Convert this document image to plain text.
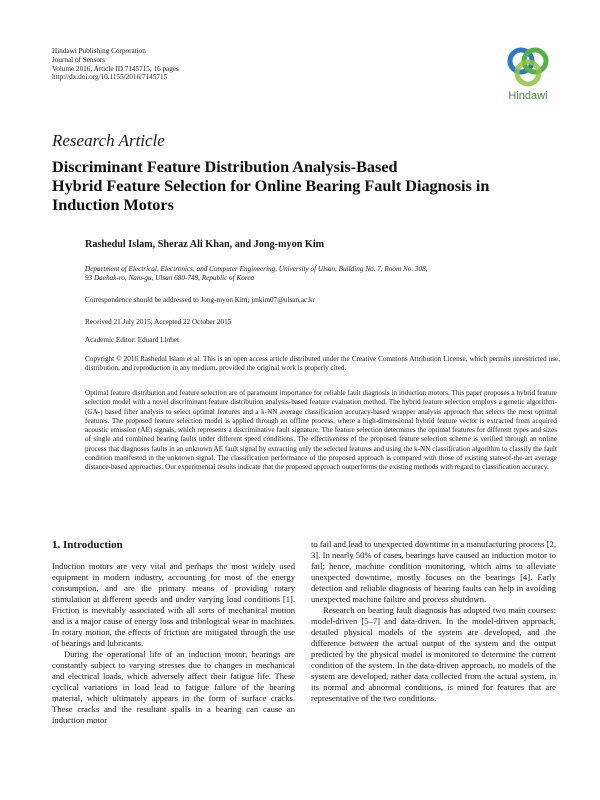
Hindawi Publishing Corporation
Journal of Sensors
Volume 2016, Article ID 7145715, 16 pages
http://dx.doi.org/10.1155/2016/7145715
Hindawi
Research Article
Discriminant Feature Distribution Analysis-Based
Hybrid Feature Selection for Online Bearing Fault Diagnosis in
Induction Motors
Rashedul Islam, Sheraz Ali Khan, and Jong-myon Kim
Department of Electrical, Electronics, and Computer Engineering, University of Ulsan, Building No. 7, Room No. 308,
93 Daehak-ro, Nam-gu, Ulsan 680-749, Republic of Korea
Correspondence should be addressed to Jong-myon Kim; jmkim07@ulsan.ac.kr
Received 21 July 2015; Accepted 22 October 2015
Academic Editor: Eduard Llobet
Copyright © 2016 Rashedul Islam et al. This is an open access article distributed under the Creative Commons Attribution License, which permits unrestricted use, distribution, and reproduction in any medium, provided the original work is properly cited.
Optimal feature distribution and feature selection are of paramount importance for reliable fault diagnosis in induction motors. This paper proposes a hybrid feature selection model with a novel discriminant feature distribution analysis-based feature evaluation method. The hybrid feature selection employs a genetic algorithm- (GA-) based filter analysis to select optimal features and a k-NN average classification accuracy-based wrapper analysis approach that selects the most optimal features. The proposed feature selection model is applied through an offline process, where a high-dimensional hybrid feature vector is extracted from acquired acoustic emission (AE) signals, which represents a discriminative fault signature. The feature selection determines the optimal features for different types and sizes of single and combined bearing faults under different speed conditions. The effectiveness of the proposed feature selection scheme is verified through an online process that diagnoses faults in an unknown AE fault signal by extracting only the selected features and using the k-NN classification algorithm to classify the fault condition manifested in the unknown signal. The classification performance of the proposed approach is compared with those of existing state-of-the-art average distance-based approaches. Our experimental results indicate that the proposed approach outperforms the existing methods with regard to classification accuracy.
1. Introduction

Induction motors are very vital and perhaps the most widely used equipment in modern industry, accounting for most of the energy consumption, and are the primary means of providing rotary stimulation at different speeds and under varying load conditions [1]. Friction is inevitably associated with all sorts of mechanical motion and is a major cause of energy loss and tribological wear in machines. In rotary motion, the effects of friction are mitigated through the use of bearings and lubricants.

During the operational life of an induction motor, bearings are constantly subject to varying stresses due to changes in mechanical and electrical loads, which adversely affect their fatigue life. These cyclical variations in load lead to fatigue failure of the bearing material, which ultimately appears in the form of surface cracks. These cracks and the resultant spalls in a bearing can cause an induction motor

to fail and lead to unexpected downtime in a manufacturing process [2, 3]. In nearly 50% of cases, bearings have caused an induction motor to fail; hence, machine condition monitoring, which aims to alleviate unexpected downtime, mostly focuses on the bearings [4]. Early detection and reliable diagnosis of bearing faults can help in avoiding unexpected machine failure and process shutdown.

Research on bearing fault diagnosis has adopted two main courses: model-driven [5–7] and data-driven. In the model-driven approach, detailed physical models of the system are developed, and the difference between the actual output of the system and the output predicted by the physical model is monitored to determine the current condition of the system. In the data-driven approach, no models of the system are developed, rather data collected from the actual system, in its normal and abnormal conditions, is mined for features that are representative of the two conditions.
